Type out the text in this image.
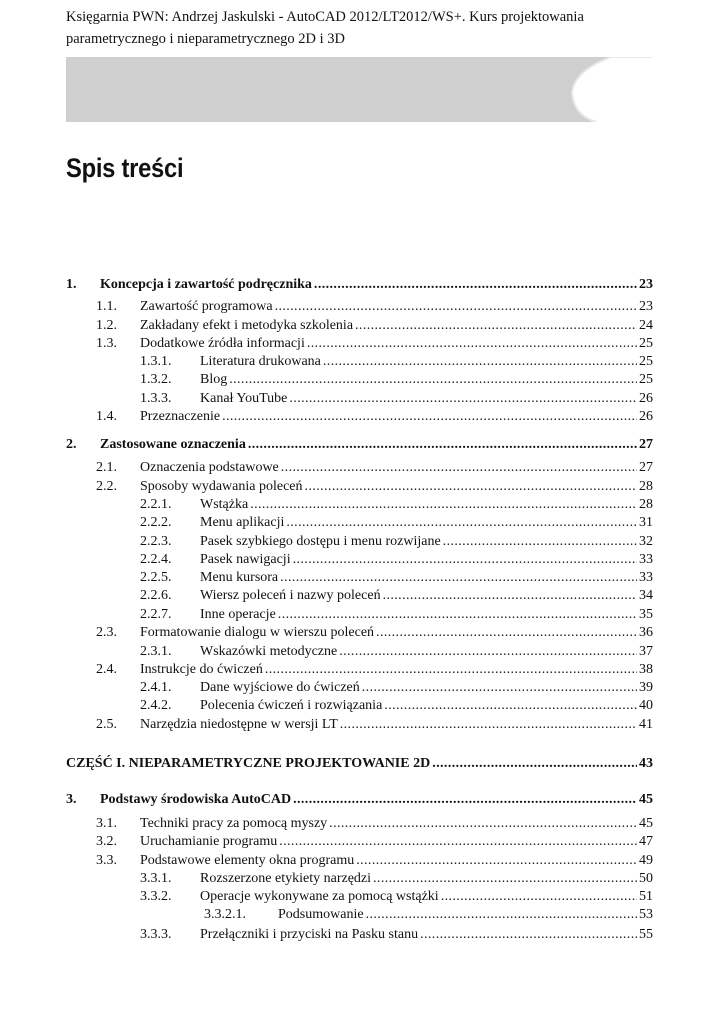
Księgarnia PWN: Andrzej Jaskulski - AutoCAD 2012/LT2012/WS+. Kurs projektowania
parametrycznego i nieparametrycznego 2D i 3D
Spis treści
1.	Koncepcja i zawartość podręcznika .....	23
1.1.	Zawartość programowa .....	23
1.2.	Zakładany efekt i metodyka szkolenia .....	24
1.3.	Dodatkowe źródła informacji .....	25
1.3.1.	Literatura drukowana .....	25
1.3.2.	Blog .....	25
1.3.3.	Kanał YouTube .....	26
1.4.	Przeznaczenie .....	26
2.	Zastosowane oznaczenia .....	27
2.1.	Oznaczenia podstawowe .....	27
2.2.	Sposoby wydawania poleceń .....	28
2.2.1.	Wstążka .....	28
2.2.2.	Menu aplikacji .....	31
2.2.3.	Pasek szybkiego dostępu i menu rozwijane .....	32
2.2.4.	Pasek nawigacji .....	33
2.2.5.	Menu kursora .....	33
2.2.6.	Wiersz poleceń i nazwy poleceń .....	34
2.2.7.	Inne operacje .....	35
2.3.	Formatowanie dialogu w wierszu poleceń .....	36
2.3.1.	Wskazówki metodyczne .....	37
2.4.	Instrukcje do ćwiczeń .....	38
2.4.1.	Dane wyjściowe do ćwiczeń .....	39
2.4.2.	Polecenia ćwiczeń i rozwiązania .....	40
2.5.	Narzędzia niedostępne w wersji LT .....	41
CZĘŚĆ I. NIEPARAMETRYCZNE PROJEKTOWANIE 2D .....	43
3.	Podstawy środowiska AutoCAD .....	45
3.1.	Techniki pracy za pomocą myszy .....	45
3.2.	Uruchamianie programu .....	47
3.3.	Podstawowe elementy okna programu .....	49
3.3.1.	Rozszerzone etykiety narzędzi .....	50
3.3.2.	Operacje wykonywane za pomocą wstążki .....	51
3.3.2.1.	Podsumowanie .....	53
3.3.3.	Przełączniki i przyciski na Pasku stanu .....	55
